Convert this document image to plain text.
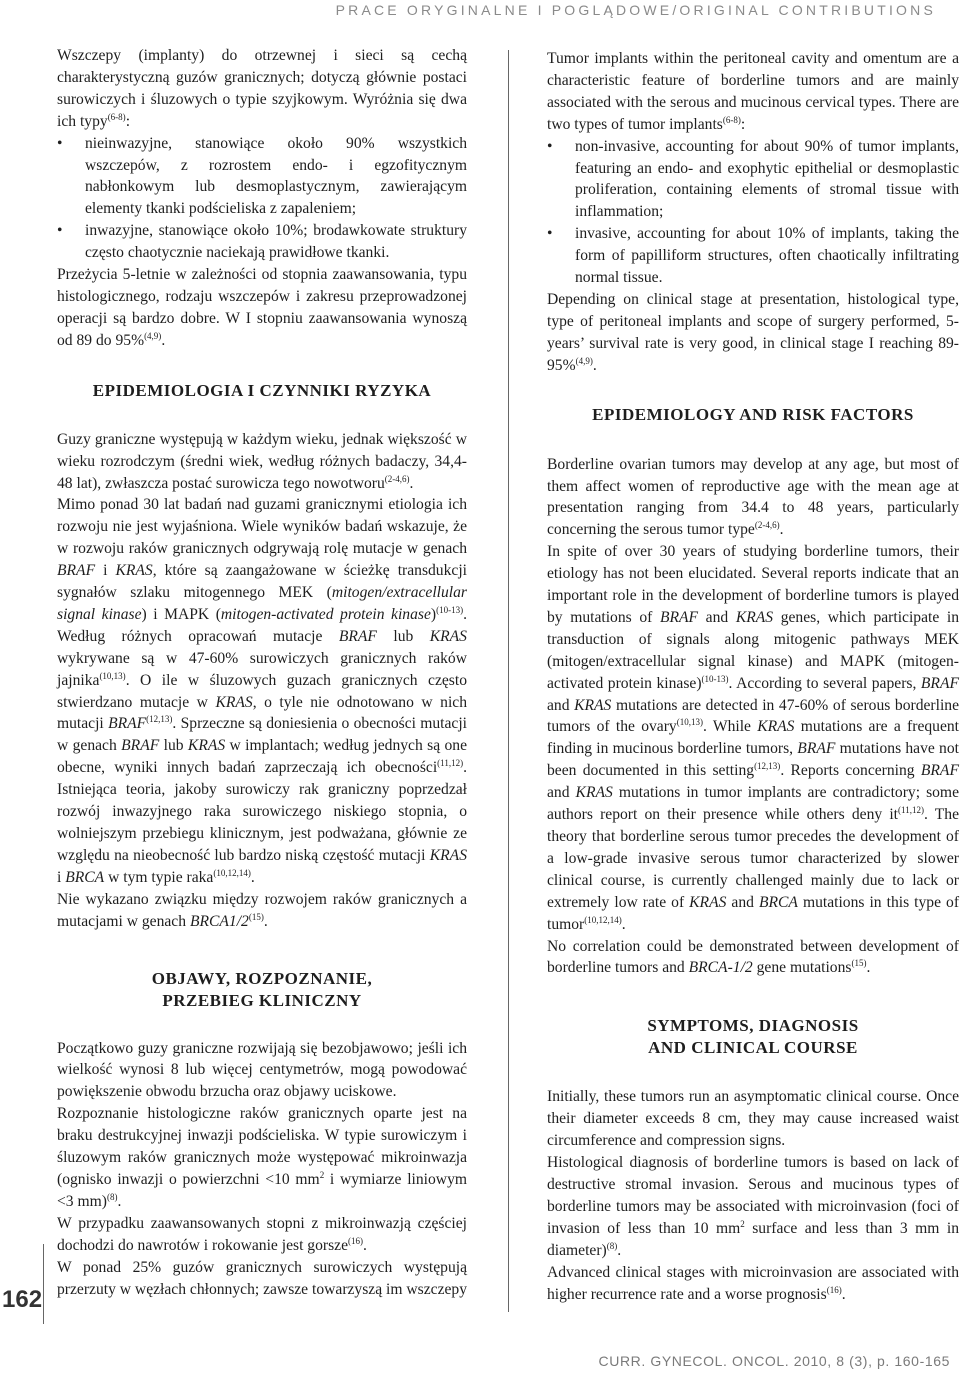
PRACE ORYGINALNE I POGLĄDOWE/ORIGINAL CONTRIBUTIONS
162

Wszczepy (implanty) do otrzewnej i sieci są cechą charakterystyczną guzów granicznych; dotyczą głównie postaci surowiczych i śluzowych o typie szyjkowym. Wyróżnia się dwa ich typy$^{(6-8)}$:

• nieinwazyjne, stanowiące około 90% wszystkich wszczepów, z rozrostem endo- i egzofitycznym nabłonkowym lub desmoplastycznym, zawierającym elementy tkanki podścieliska z zapaleniem;
• inwazyjne, stanowiące około 10%; brodawkowate struktury często chaotycznie naciekają prawidłowe tkanki.

Przeżycia 5-letnie w zależności od stopnia zaawansowania, typu histologicznego, rodzaju wszczepów i zakresu przeprowadzonej operacji są bardzo dobre. W I stopniu zaawansowania wynoszą od 89 do 95%$^{(4,9)}$.

EPIDEMIOLOGIA I CZYNNIKI RYZYKA

Guzy graniczne występują w każdym wieku, jednak większość w wieku rozrodczym (średni wiek, według różnych badaczy, 34,4-48 lat), zwłaszcza postać surowicza tego nowotworu$^{(2-4,6)}$.

Mimo ponad 30 lat badań nad guzami granicznymi etiologia ich rozwoju nie jest wyjaśniona. Wiele wyników badań wskazuje, że w rozwoju raków granicznych odgrywają rolę mutacje w genach BRAF i KRAS, które są zaangażowane w ścieżkę transdukcji sygnałów szlaku mitogennego MEK (mitogen/extracellular signal kinase) i MAPK (mitogen-activated protein kinase)$^{(10-13)}$. Według różnych opracowań mutacje BRAF lub KRAS wykrywane są w 47-60% surowiczych granicznych raków jajnika$^{(10,13)}$. O ile w śluzowych guzach granicznych często stwierdzano mutacje w KRAS, o tyle nie odnotowano w nich mutacji BRAF$^{(12,13)}$. Sprzeczne są doniesienia o obecności mutacji w genach BRAF lub KRAS w implantach; według jednych są one obecne, wyniki innych badań zaprzeczają ich obecności$^{(11,12)}$. Istniejąca teoria, jakoby surowiczy rak graniczny poprzedzał rozwój inwazyjnego raka surowiczego niskiego stopnia, o wolniejszym przebiegu klinicznym, jest podważana, głównie ze względu na nieobecność lub bardzo niską częstość mutacji KRAS i BRCA w tym typie raka$^{(10,12,14)}$.

Nie wykazano związku między rozwojem raków granicznych a mutacjami w genach BRCA1/2$^{(15)}$.

OBJAWY, ROZPOZNANIE,
PRZEBIEG KLINICZNY

Początkowo guzy graniczne rozwijają się bezobjawowo; jeśli ich wielkość wynosi 8 lub więcej centymetrów, mogą powodować powiększenie obwodu brzucha oraz objawy uciskowe.

Rozpoznanie histologiczne raków granicznych oparte jest na braku destrukcyjnej inwazji podścieliska. W typie surowiczym i śluzowym raków granicznych może występować mikroinwazja (ognisko inwazji o powierzchni <10 $mm^2$ i wymiarze liniowym <3 mm)$^{(8)}$.

W przypadku zaawansowanych stopni z mikroinwazją częściej dochodzi do nawrotów i rokowanie jest gorsze$^{(16)}$.

W ponad 25% guzów granicznych surowiczych występują przerzuty w węzłach chłonnych; zawsze towarzyszą im wszczepy

Tumor implants within the peritoneal cavity and omentum are a characteristic feature of borderline tumors and are mainly associated with the serous and mucinous cervical types. There are two types of tumor implants$^{(6-8)}$:

• non-invasive, accounting for about 90% of tumor implants, featuring an endo- and exophytic epithelial or desmoplastic proliferation, containing elements of stromal tissue with inflammation;
• invasive, accounting for about 10% of implants, taking the form of papilliform structures, often chaotically infiltrating normal tissue.

Depending on clinical stage at presentation, histological type, type of peritoneal implants and scope of surgery performed, 5-years’ survival rate is very good, in clinical stage I reaching 89-95%$^{(4,9)}$.

EPIDEMIOLOGY AND RISK FACTORS

Borderline ovarian tumors may develop at any age, but most of them affect women of reproductive age with the mean age at presentation ranging from 34.4 to 48 years, particularly concerning the serous tumor type$^{(2-4,6)}$.

In spite of over 30 years of studying borderline tumors, their etiology has not been elucidated. Several reports indicate that an important role in the development of borderline tumors is played by mutations of BRAF and KRAS genes, which participate in transduction of signals along mitogenic pathways MEK (mitogen/extracellular signal kinase) and MAPK (mitogen-activated protein kinase)$^{(10-13)}$. According to several papers, BRAF and KRAS mutations are detected in 47-60% of serous borderline tumors of the ovary$^{(10,13)}$. While KRAS mutations are a frequent finding in mucinous borderline tumors, BRAF mutations have not been documented in this setting$^{(12,13)}$. Reports concerning BRAF and KRAS mutations in tumor implants are contradictory; some authors report on their presence while others deny it$^{(11,12)}$. The theory that borderline serous tumor precedes the development of a low-grade invasive serous tumor characterized by slower clinical course, is currently challenged mainly due to lack or extremely low rate of KRAS and BRCA mutations in this type of tumor$^{(10,12,14)}$.

No correlation could be demonstrated between development of borderline tumors and BRCA-1/2 gene mutations$^{(15)}$.

SYMPTOMS, DIAGNOSIS
AND CLINICAL COURSE

Initially, these tumors run an asymptomatic clinical course. Once their diameter exceeds 8 cm, they may cause increased waist circumference and compression signs.

Histological diagnosis of borderline tumors is based on lack of destructive stromal invasion. Serous and mucinous types of borderline tumors may be associated with microinvasion (foci of invasion of less than 10 $mm^2$ surface and less than 3 mm in diameter)$^{(8)}$.

Advanced clinical stages with microinvasion are associated with higher recurrence rate and a worse prognosis$^{(16)}$.

CURR. GYNECOL. ONCOL. 2010, 8 (3), p. 160-165
